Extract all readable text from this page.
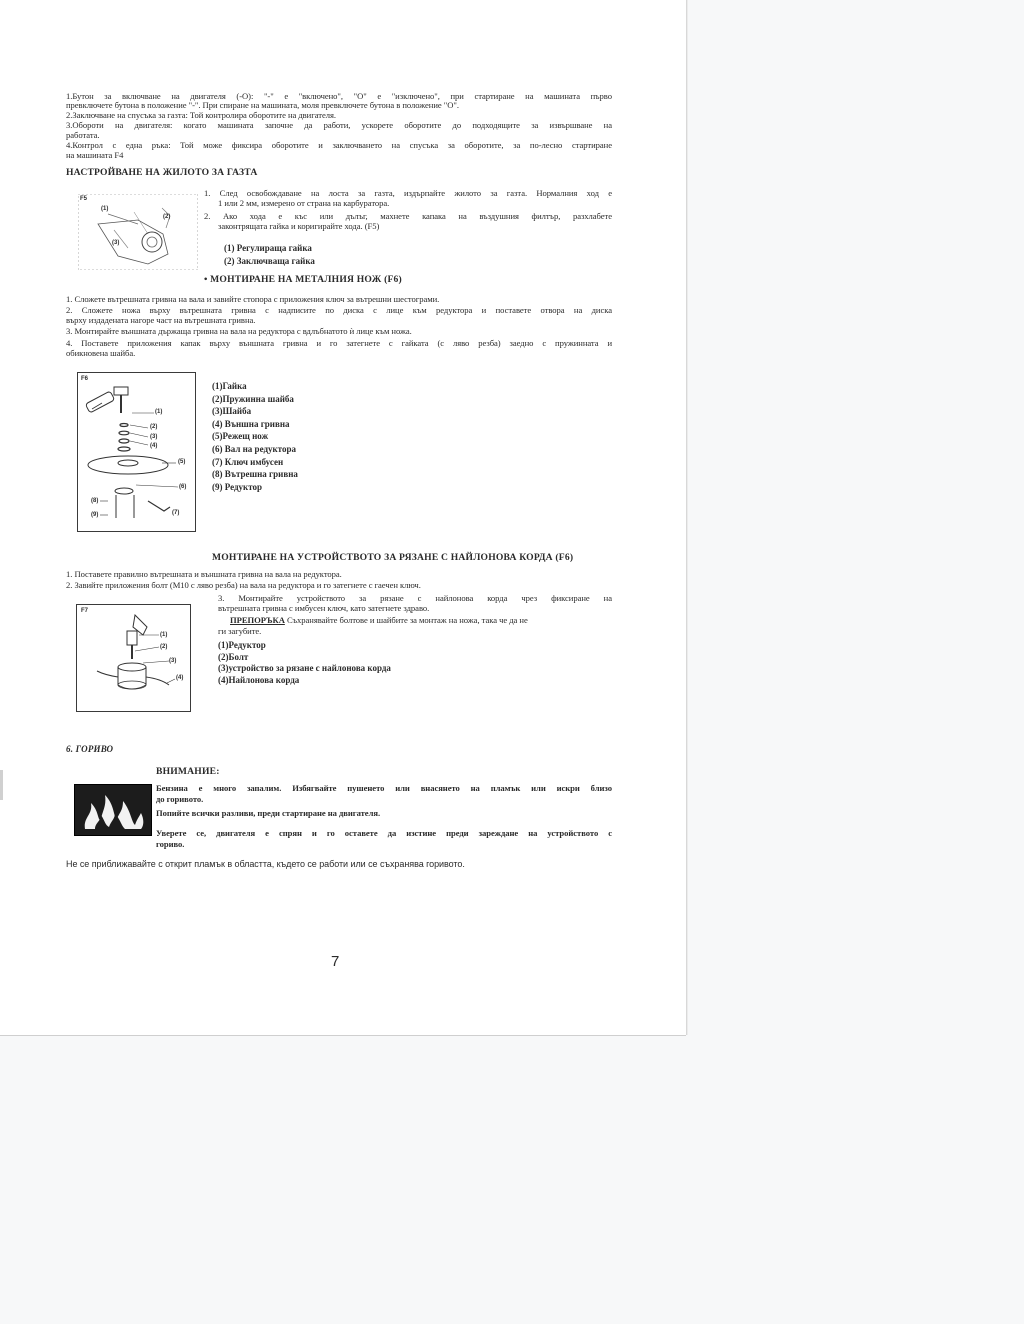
1.Бутон за включване на двигателя (-О): "-" е "включено", "О" е "изключено", при стартиране на машината първо
превключете бутона в положение "-". При спиране на машината, моля превключете бутона в положение "О".
2.Заключване на спусъка за газта: Той контролира оборотите на двигателя.
3.Обороти на двигателя: когато машината започне да работи, ускорете оборотите до подходящите за извършване на
работата.
4.Контрол с една ръка: Той може фиксира оборотите и заключването на спусъка за оборотите, за по-лесно стартиране
на машината F4
НАСТРОЙВАНЕ НА ЖИЛОТО ЗА ГАЗТА
F5
(1)
(2)
(3)
1. След освобождаване на лоста за газта, издърпайте жилото за газта. Нормалния ход е
1 или 2 мм, измерено от страна на карбуратора.
2. Ако хода е къс или дълъг, махнете капака на въздушния филтър, разхлабете
законтрящата гайка и коригирайте хода. (F5)
(1) Регулираща гайка
(2) Заключваща гайка
• МОНТИРАНЕ НА МЕТАЛНИЯ НОЖ (F6)
1. Сложете вътрешната гривна на вала и завийте стопора с приложения ключ за вътрешни шестограми.
2. Сложете ножа върху вътрешната гривна с надписите по диска с лице към редуктора и поставете отвора на диска
върху издадената нагоре част на вътрешната гривна.
3. Монтирайте външната държаща гривна на вала на редуктора с вдлъбнатото ѝ лице към ножа.
4. Поставете приложения капак върху външната гривна и го затегнете с гайката (с ляво резба) заедно с пружинната и
обикновена шайба.
F6
(1)
(2)
(3)
(4)
(5)
(6)
(7)
(8)
(9)
(1)Гайка
(2)Пружинна шайба
(3)Шайба
(4) Външна гривна
(5)Режещ нож
(6) Вал на редуктора
(7) Ключ имбусен
(8) Вътрешна гривна
(9) Редуктор
МОНТИРАНЕ НА УСТРОЙСТВОТО ЗА РЯЗАНЕ С НАЙЛОНОВА КОРДА (F6)
1. Поставете правилно вътрешната и външната гривна на вала на редуктора.
2. Завийте приложения болт (М10 с ляво резба) на вала на редуктора и го затегнете с гаечен ключ.
F7
(1)
(2)
(3)
(4)
3. Монтирайте устройството за рязане с найлонова корда чрез фиксиране на
вътрешната гривна с имбусен ключ, като затегнете здраво.
ПРЕПОРЪКА Съхранявайте болтове и шайбите за монтаж на ножа, така че да не
ги загубите.
(1)Редуктор
(2)Болт
(3)устройство за рязане с найлонова корда
(4)Найлонова корда
6. ГОРИВО
ВНИМАНИЕ:
Бензина е много запалим. Избягвайте пушенето или внасянето на пламък или искри близо
до горивото.
Попийте всички разливи, преди стартиране на двигателя.
Уверете се, двигателя е спрян и го оставете да изстине преди зареждане на устройството с
гориво.
Не се приближавайте с открит пламък в областта, където се работи или се съхранява горивото.
7
